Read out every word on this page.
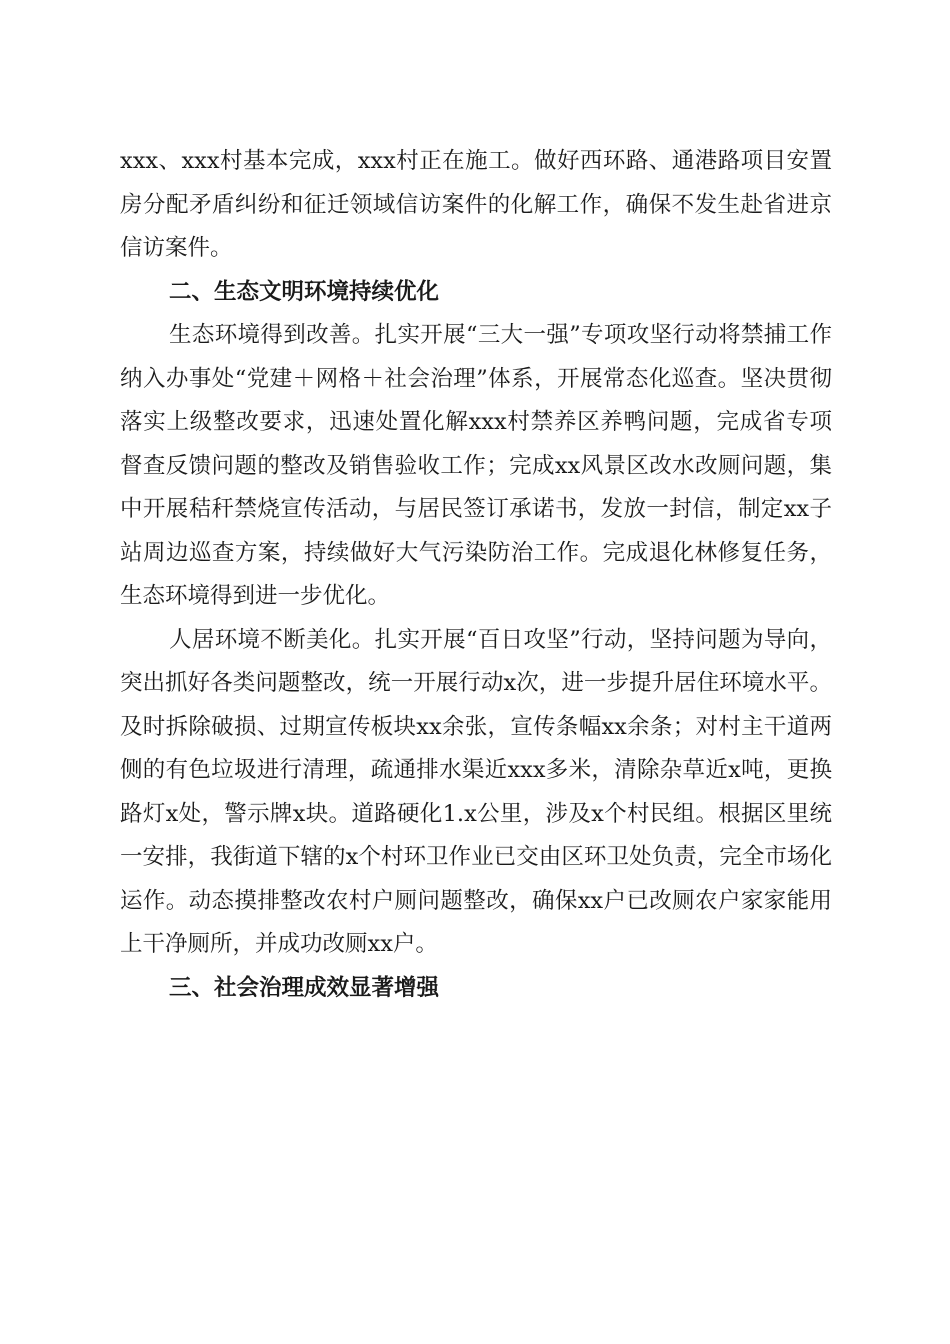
xxx、xxx村基本完成，xxx村正在施工。做好西环路、通港路项目安置房分配矛盾纠纷和征迁领域信访案件的化解工作，确保不发生赴省进京信访案件。

二、生态文明环境持续优化

生态环境得到改善。扎实开展“三大一强”专项攻坚行动将禁捕工作纳入办事处“党建＋网格＋社会治理”体系，开展常态化巡查。坚决贯彻落实上级整改要求，迅速处置化解xxx村禁养区养鸭问题，完成省专项督查反馈问题的整改及销售验收工作；完成xx风景区改水改厕问题，集中开展秸秆禁烧宣传活动，与居民签订承诺书，发放一封信，制定xx子站周边巡查方案，持续做好大气污染防治工作。完成退化林修复任务，生态环境得到进一步优化。

人居环境不断美化。扎实开展“百日攻坚”行动，坚持问题为导向，突出抓好各类问题整改，统一开展行动x次，进一步提升居住环境水平。及时拆除破损、过期宣传板块xx余张，宣传条幅xx余条；对村主干道两侧的有色垃圾进行清理，疏通排水渠近xxx多米，清除杂草近x吨，更换路灯x处，警示牌x块。道路硬化1.x公里，涉及x个村民组。根据区里统一安排，我街道下辖的x个村环卫作业已交由区环卫处负责，完全市场化运作。动态摸排整改农村户厕问题整改，确保xx户已改厕农户家家能用上干净厕所，并成功改厕xx户。

三、社会治理成效显著增强
